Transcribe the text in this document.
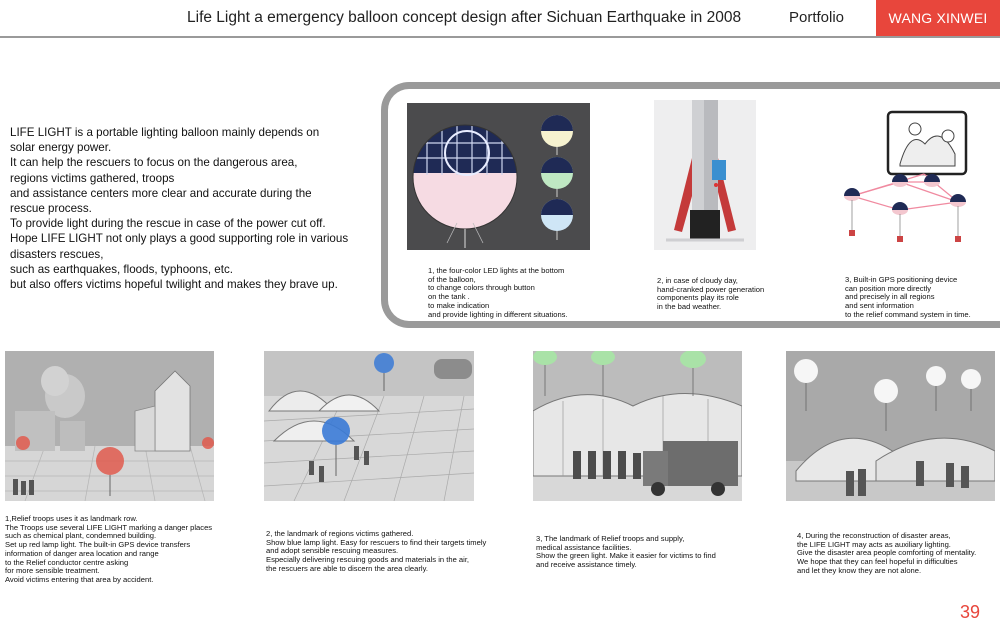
Life Light a emergency balloon concept design after Sichuan Earthquake in 2008	Portfolio	WANG XINWEI
LIFE LIGHT is a portable lighting balloon mainly depends on
solar energy power.
It can help the rescuers to focus on the dangerous area,
regions victims gathered, troops
and assistance centers more clear and accurate during the
rescue process.
To provide light during the rescue in case of the power cut off.
Hope LIFE LIGHT not only plays a good supporting role in various
disasters rescues,
such as earthquakes, floods, typhoons, etc.
but also offers victims hopeful twilight and makes they brave up.
1, the four-color LED lights at the bottom
of the balloon,
to change colors through button
on the tank .
to make indication
and provide lighting in different situations.
2, in case of cloudy day,
hand-cranked power generation
components play its role
in the bad weather.
3, Built-in GPS positioning device
can position more directly
and precisely in all regions
and sent information
to the relief command system in time.
1,Relief troops uses it as landmark row.
The Troops use several LIFE LIGHT marking a danger places
such as chemical plant, condemned building.
Set up red lamp light. The built-in GPS device transfers
information of danger area location and range
to the Relief conductor centre asking
for more sensible treatment.
Avoid victims entering that area by accident.
2, the landmark of regions victims gathered.
Show blue lamp light. Easy for rescuers to find their targets timely
and adopt sensible rescuing measures.
Especially delivering rescuing goods and materials in the air,
the rescuers are able to discern the area clearly.
3, The landmark of Relief troops and supply,
medical assistance facilities.
Show the green light. Make it easier for victims to find
and receive assistance timely.
4, During the reconstruction of disaster areas,
the LIFE LIGHT may acts as auxiliary lighting.
Give the disaster area people comforting of mentality.
We hope that they can feel hopeful in difficulties
and let they know they are not alone.
39
